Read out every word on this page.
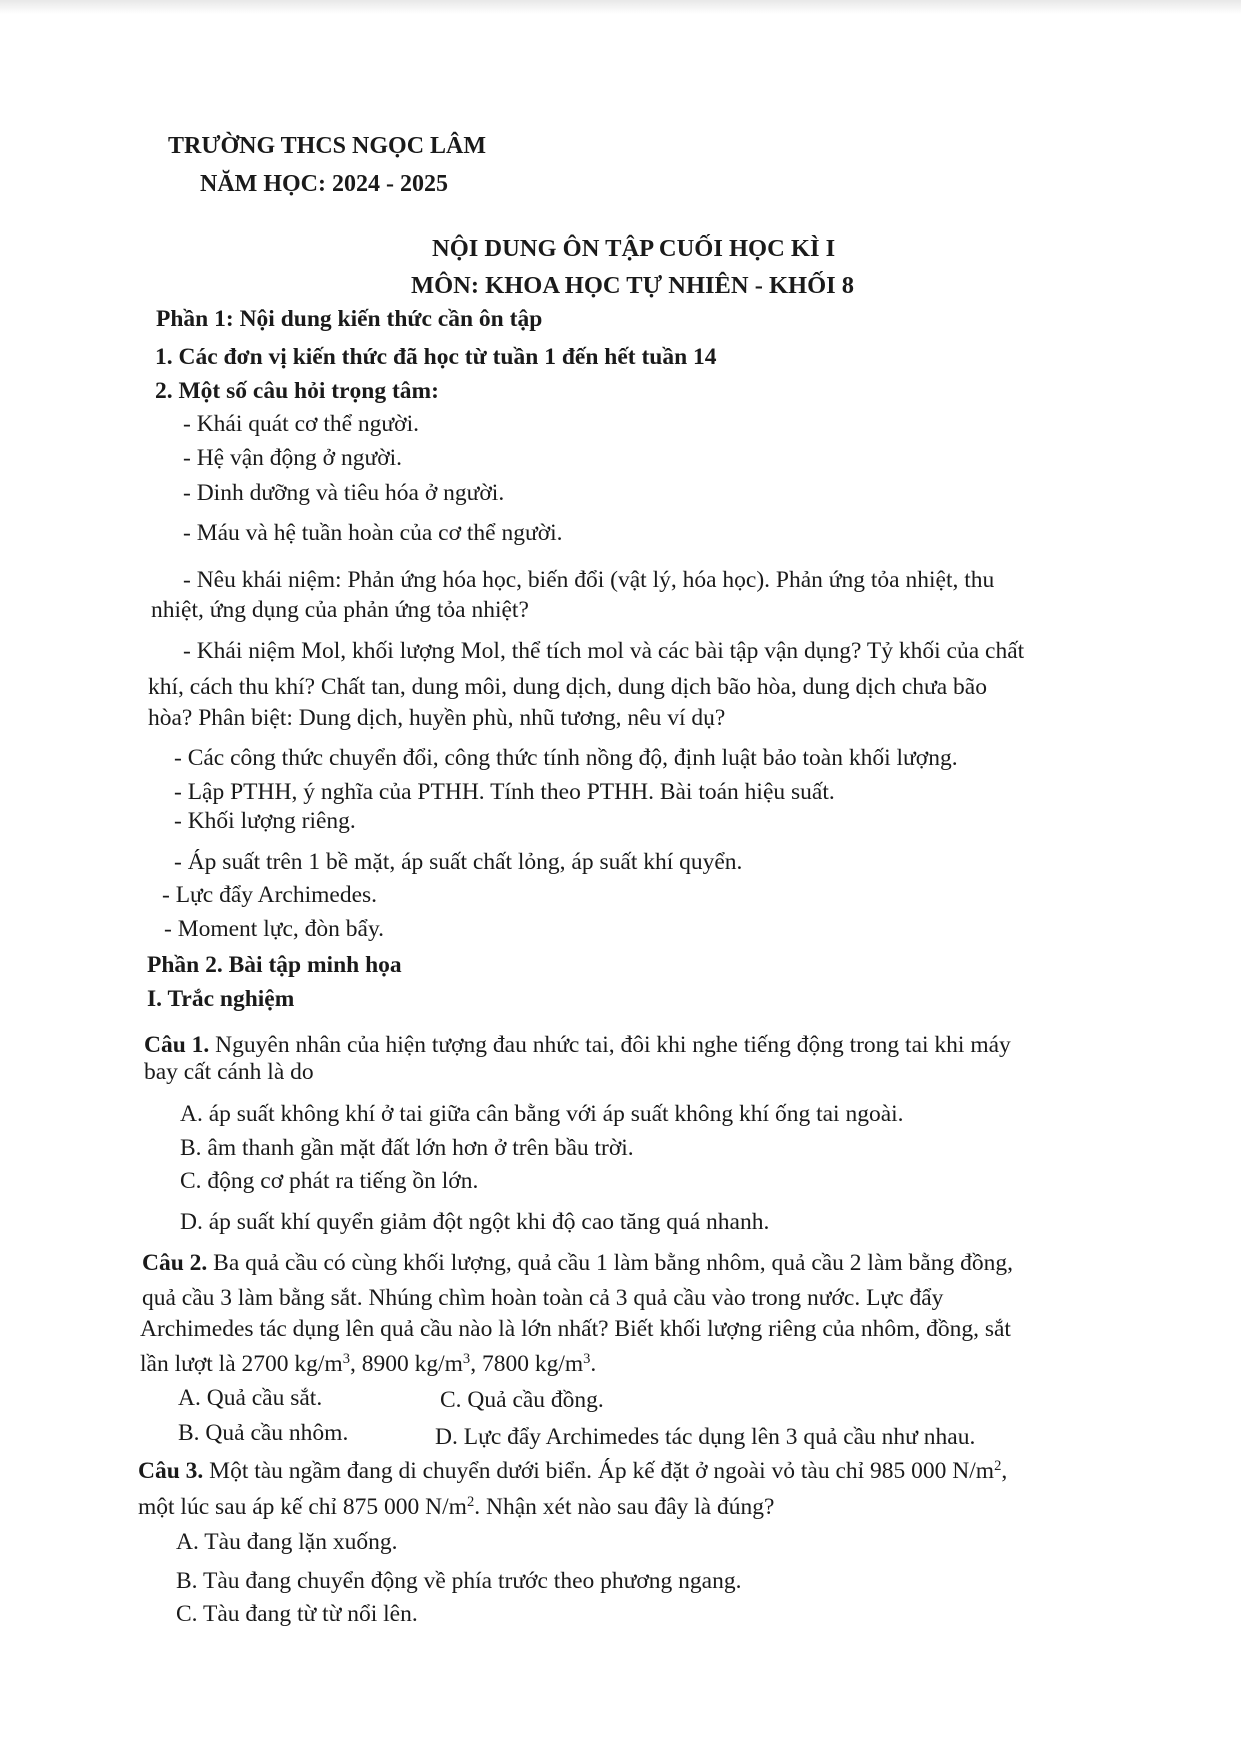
TRƯỜNG THCS NGỌC LÂM
NĂM HỌC: 2024 - 2025
NỘI DUNG ÔN TẬP CUỐI HỌC KÌ I
MÔN: KHOA HỌC TỰ NHIÊN - KHỐI 8
Phần 1: Nội dung kiến thức cần ôn tập
1. Các đơn vị kiến thức đã học từ tuần 1 đến hết tuần 14
2. Một số câu hỏi trọng tâm:
- Khái quát cơ thể người.
- Hệ vận động ở người.
- Dinh dưỡng và tiêu hóa ở người.
- Máu và hệ tuần hoàn của cơ thể người.
- Nêu khái niệm: Phản ứng hóa học, biến đổi (vật lý, hóa học). Phản ứng tỏa nhiệt, thu
nhiệt, ứng dụng của phản ứng tỏa nhiệt?
- Khái niệm Mol, khối lượng Mol, thể tích mol và các bài tập vận dụng? Tỷ khối của chất
khí, cách thu khí? Chất tan, dung môi, dung dịch, dung dịch bão hòa, dung dịch chưa bão
hòa? Phân biệt: Dung dịch, huyền phù, nhũ tương, nêu ví dụ?
- Các công thức chuyển đổi, công thức tính nồng độ, định luật bảo toàn khối lượng.
- Lập PTHH, ý nghĩa của PTHH. Tính theo PTHH. Bài toán hiệu suất.
- Khối lượng riêng.
- Áp suất trên 1 bề mặt, áp suất chất lỏng, áp suất khí quyển.
- Lực đẩy Archimedes.
- Moment lực, đòn bẩy.
Phần 2. Bài tập minh họa
I. Trắc nghiệm
Câu 1. Nguyên nhân của hiện tượng đau nhức tai, đôi khi nghe tiếng động trong tai khi máy
bay cất cánh là do
A. áp suất không khí ở tai giữa cân bằng với áp suất không khí ống tai ngoài.
B. âm thanh gần mặt đất lớn hơn ở trên bầu trời.
C. động cơ phát ra tiếng ồn lớn.
D. áp suất khí quyển giảm đột ngột khi độ cao tăng quá nhanh.
Câu 2. Ba quả cầu có cùng khối lượng, quả cầu 1 làm bằng nhôm, quả cầu 2 làm bằng đồng,
quả cầu 3 làm bằng sắt. Nhúng chìm hoàn toàn cả 3 quả cầu vào trong nước. Lực đẩy
Archimedes tác dụng lên quả cầu nào là lớn nhất? Biết khối lượng riêng của nhôm, đồng, sắt
lần lượt là 2700 $kg/m^3$, 8900 $kg/m^3$, 7800 $kg/m^3$.
A. Quả cầu sắt.	C. Quả cầu đồng.
B. Quả cầu nhôm.	D. Lực đẩy Archimedes tác dụng lên 3 quả cầu như nhau.
Câu 3. Một tàu ngầm đang di chuyển dưới biển. Áp kế đặt ở ngoài vỏ tàu chỉ 985 000 $N/m^2$,
một lúc sau áp kế chỉ 875 000 $N/m^2$. Nhận xét nào sau đây là đúng?
A. Tàu đang lặn xuống.
B. Tàu đang chuyển động về phía trước theo phương ngang.
C. Tàu đang từ từ nổi lên.
